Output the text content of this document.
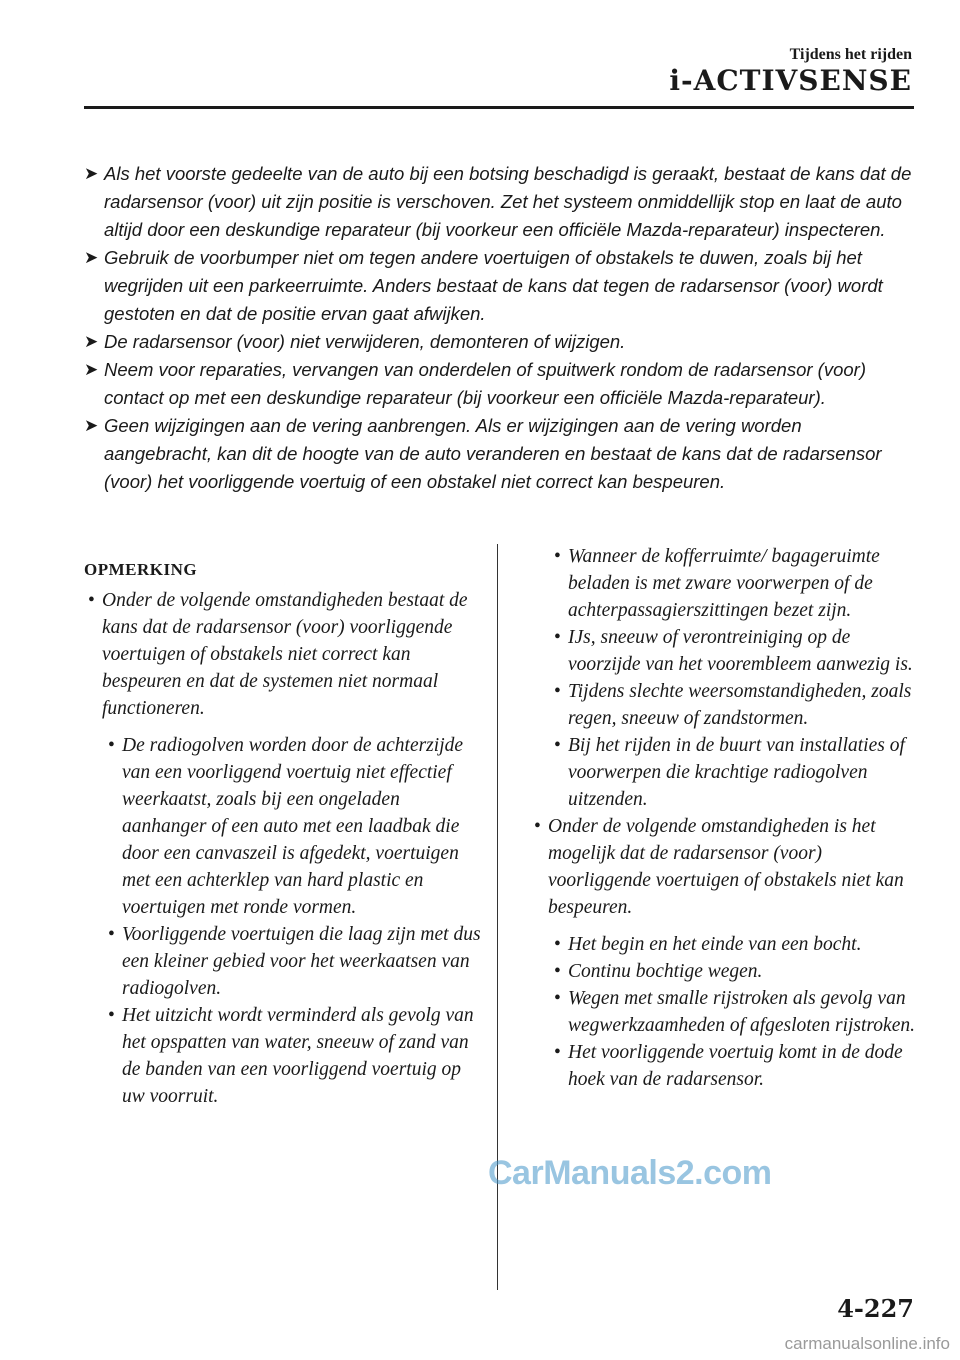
Tijdens het rijden
i-ACTIVSENSE

➤ Als het voorste gedeelte van de auto bij een botsing beschadigd is geraakt, bestaat de kans dat de radarsensor (voor) uit zijn positie is verschoven. Zet het systeem onmiddellijk stop en laat de auto altijd door een deskundige reparateur (bij voorkeur een officiële Mazda-reparateur) inspecteren.

➤ Gebruik de voorbumper niet om tegen andere voertuigen of obstakels te duwen, zoals bij het wegrijden uit een parkeerruimte. Anders bestaat de kans dat tegen de radarsensor (voor) wordt gestoten en dat de positie ervan gaat afwijken.

➤ De radarsensor (voor) niet verwijderen, demonteren of wijzigen.

➤ Neem voor reparaties, vervangen van onderdelen of spuitwerk rondom de radarsensor (voor) contact op met een deskundige reparateur (bij voorkeur een officiële Mazda-reparateur).

➤ Geen wijzigingen aan de vering aanbrengen. Als er wijzigingen aan de vering worden aangebracht, kan dit de hoogte van de auto veranderen en bestaat de kans dat de radarsensor (voor) het voorliggende voertuig of een obstakel niet correct kan bespeuren.

OPMERKING

• Onder de volgende omstandigheden bestaat de kans dat de radarsensor (voor) voorliggende voertuigen of obstakels niet correct kan bespeuren en dat de systemen niet normaal functioneren.

• De radiogolven worden door de achterzijde van een voorliggend voertuig niet effectief weerkaatst, zoals bij een ongeladen aanhanger of een auto met een laadbak die door een canvaszeil is afgedekt, voertuigen met een achterklep van hard plastic en voertuigen met ronde vormen.

• Voorliggende voertuigen die laag zijn met dus een kleiner gebied voor het weerkaatsen van radiogolven.

• Het uitzicht wordt verminderd als gevolg van het opspatten van water, sneeuw of zand van de banden van een voorliggend voertuig op uw voorruit.

• Wanneer de kofferruimte/ bagageruimte beladen is met zware voorwerpen of de achterpassagierszittingen bezet zijn.

• IJs, sneeuw of verontreiniging op de voorzijde van het voorembleem aanwezig is.

• Tijdens slechte weersomstandigheden, zoals regen, sneeuw of zandstormen.

• Bij het rijden in de buurt van installaties of voorwerpen die krachtige radiogolven uitzenden.

• Onder de volgende omstandigheden is het mogelijk dat de radarsensor (voor) voorliggende voertuigen of obstakels niet kan bespeuren.

• Het begin en het einde van een bocht.

• Continu bochtige wegen.

• Wegen met smalle rijstroken als gevolg van wegwerkzaamheden of afgesloten rijstroken.

• Het voorliggende voertuig komt in de dode hoek van de radarsensor.

4-227
CarManuals2.com
carmanualsonline.info
